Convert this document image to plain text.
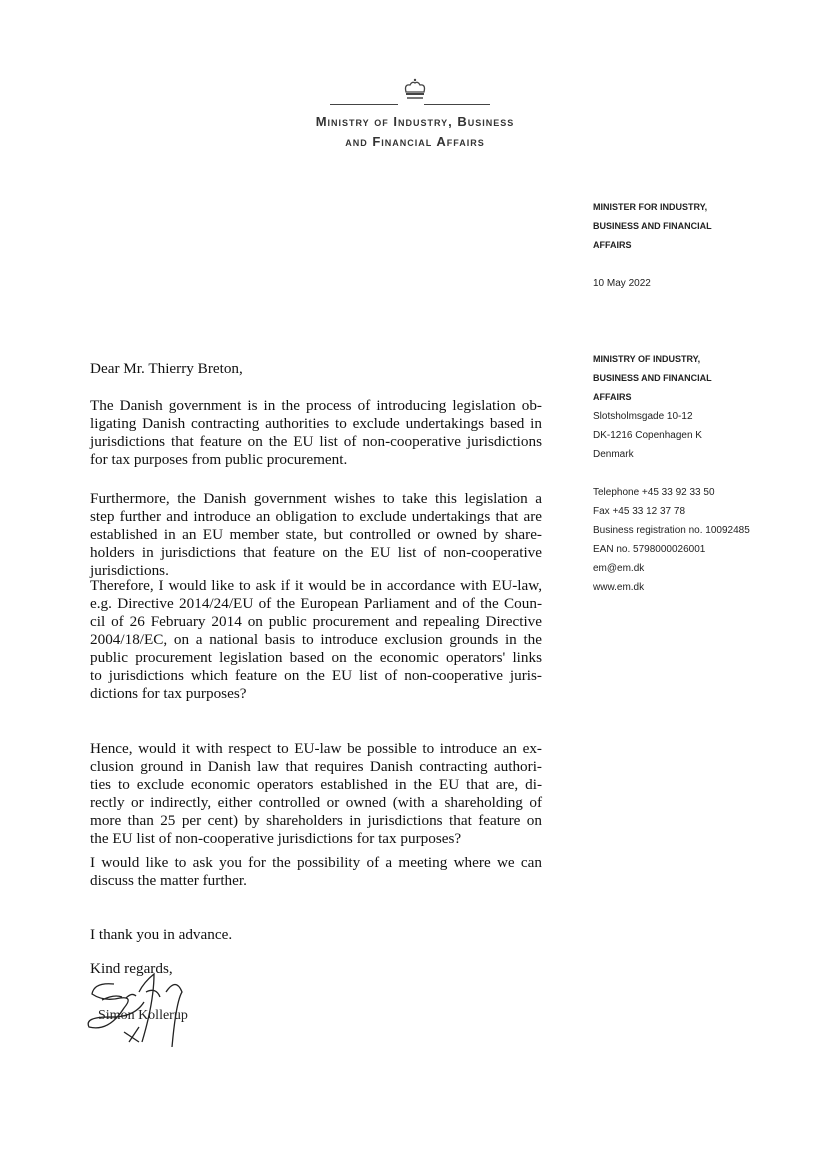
Ministry of Industry, Business
and Financial Affairs
MINISTER FOR INDUSTRY,
BUSINESS AND FINANCIAL
AFFAIRS
10 May 2022
MINISTRY OF INDUSTRY,
BUSINESS AND FINANCIAL
AFFAIRS
Slotsholmsgade 10-12
DK-1216 Copenhagen K
Denmark
Telephone +45 33 92 33 50
Fax +45 33 12 37 78
Business registration no. 10092485
EAN no. 5798000026001
em@em.dk
www.em.dk
Dear Mr. Thierry Breton,
The Danish government is in the process of introducing legislation ob-
ligating Danish contracting authorities to exclude undertakings based in
jurisdictions that feature on the EU list of non-cooperative jurisdictions
for tax purposes from public procurement.
Furthermore, the Danish government wishes to take this legislation a
step further and introduce an obligation to exclude undertakings that are
established in an EU member state, but controlled or owned by share-
holders in jurisdictions that feature on the EU list of non-cooperative
jurisdictions.
Therefore, I would like to ask if it would be in accordance with EU-law,
e.g. Directive 2014/24/EU of the European Parliament and of the Coun-
cil of 26 February 2014 on public procurement and repealing Directive
2004/18/EC, on a national basis to introduce exclusion grounds in the
public procurement legislation based on the economic operators' links
to jurisdictions which feature on the EU list of non-cooperative juris-
dictions for tax purposes?
Hence, would it with respect to EU-law be possible to introduce an ex-
clusion ground in Danish law that requires Danish contracting authori-
ties to exclude economic operators established in the EU that are, di-
rectly or indirectly, either controlled or owned (with a shareholding of
more than 25 per cent) by shareholders in jurisdictions that feature on
the EU list of non-cooperative jurisdictions for tax purposes?
I would like to ask you for the possibility of a meeting where we can
discuss the matter further.
I thank you in advance.
Kind regards,
Simon Kollerup
